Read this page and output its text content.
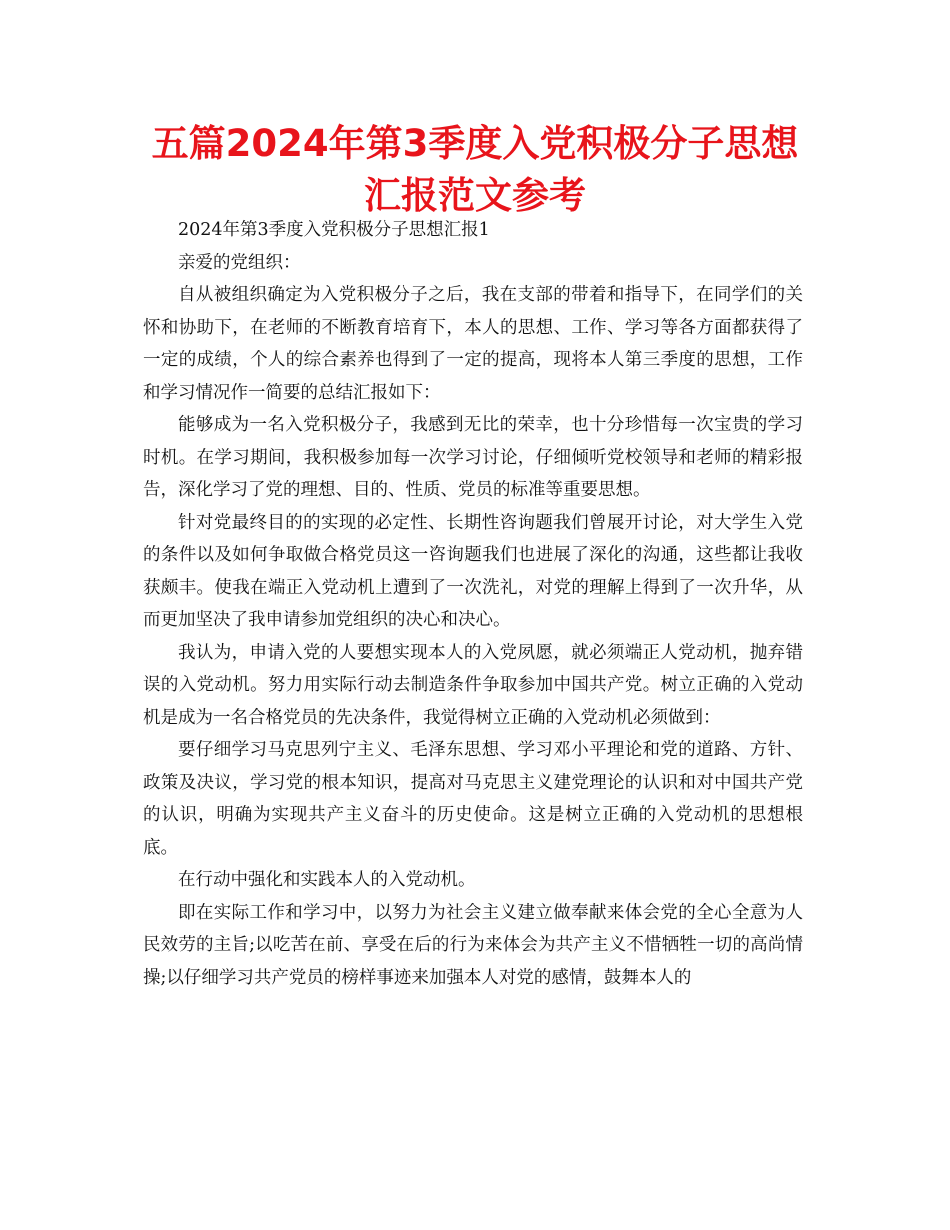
五篇2024年第3季度入党积极分子思想
汇报范文参考

2024年第3季度入党积极分子思想汇报1

亲爱的党组织：

自从被组织确定为入党积极分子之后，我在支部的带着和指导下，在同学们的关怀和协助下，在老师的不断教育培育下，本人的思想、工作、学习等各方面都获得了一定的成绩，个人的综合素养也得到了一定的提高，现将本人第三季度的思想，工作和学习情况作一简要的总结汇报如下：

能够成为一名入党积极分子，我感到无比的荣幸，也十分珍惜每一次宝贵的学习时机。在学习期间，我积极参加每一次学习讨论，仔细倾听党校领导和老师的精彩报告，深化学习了党的理想、目的、性质、党员的标准等重要思想。

针对党最终目的的实现的必定性、长期性咨询题我们曾展开讨论，对大学生入党的条件以及如何争取做合格党员这一咨询题我们也进展了深化的沟通，这些都让我收获颇丰。使我在端正入党动机上遭到了一次洗礼，对党的理解上得到了一次升华，从而更加坚决了我申请参加党组织的决心和决心。

我认为，申请入党的人要想实现本人的入党夙愿，就必须端正人党动机，抛弃错误的入党动机。努力用实际行动去制造条件争取参加中国共产党。树立正确的入党动机是成为一名合格党员的先决条件，我觉得树立正确的入党动机必须做到：

要仔细学习马克思列宁主义、毛泽东思想、学习邓小平理论和党的道路、方针、政策及决议，学习党的根本知识，提高对马克思主义建党理论的认识和对中国共产党的认识，明确为实现共产主义奋斗的历史使命。这是树立正确的入党动机的思想根底。

在行动中强化和实践本人的入党动机。

即在实际工作和学习中，以努力为社会主义建立做奉献来体会党的全心全意为人民效劳的主旨;以吃苦在前、享受在后的行为来体会为共产主义不惜牺牲一切的高尚情操;以仔细学习共产党员的榜样事迹来加强本人对党的感情，鼓舞本人的
